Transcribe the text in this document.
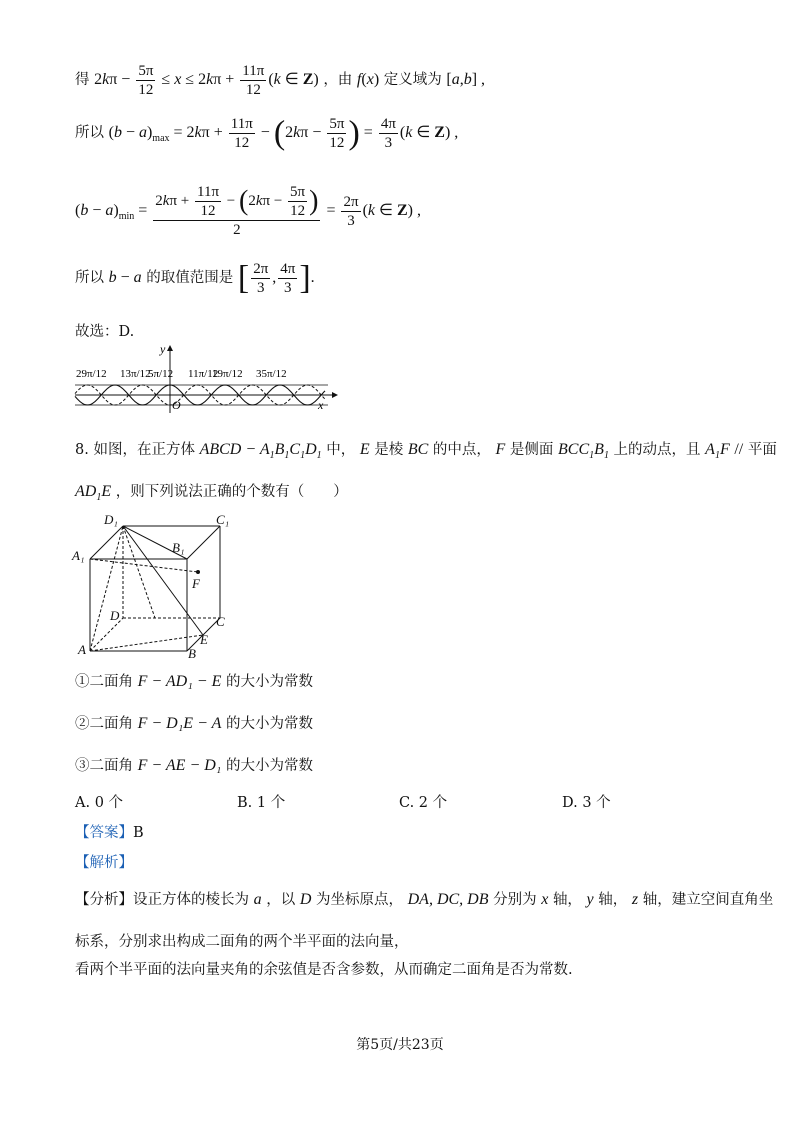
得 $2k\pi - \frac{5\pi}{12} \le x \le 2k\pi + \frac{11\pi}{12} (k$ ∈ Z) ，由 f(x) 定义域为 [a,b] ,
所以 $(b - a)_{max} = 2k\pi + \frac{11\pi}{12} - (2k\pi - \frac{5\pi}{12}$ ) = $\frac{4\pi}{3} (k$ ∈ Z) ,
$(b - a)_{min} = \frac{2k\pi + \frac{11\pi}{12} - (2k\pi - \frac{5\pi}{12} )}{2} = \frac{2\pi}{3} (k$ ∈ Z) ,
所以 b − a 的取值范围是 [ $\frac{2\pi}{3}$ , $\frac{4\pi}{3}$ ].
故选：D.
29π/12 13π/12
5π/12 11π/12
19π/12 35π/12
y
x
O
8. 如图，在正方体 ABCD − $A_1B_1C_1D_1$ 中， E 是棱 BC 的中点， F 是侧面 $BCC_1B_1$ 上的动点，且 $A_1F$ // 平面
$AD_1E$ ，则下列说法正确的个数有（　　）
D₁	C₁
A₁
B₁
F
D	C
A	B
E
①二面角 F − AD₁ − E 的大小为常数
②二面角 F − D₁E − A 的大小为常数
③二面角 F − AE − D₁ 的大小为常数
A. 0 个	B. 1 个	C. 2 个	D. 3 个
【答案】B
【解析】
【分析】设正方体的棱长为 a ，以 D 为坐标原点， DA, DC, DB 分别为 x 轴， y 轴， z 轴，建立空间直角坐
标系，分别求出构成二面角的两个半平面的法向量，
看两个半平面的法向量夹角的余弦值是否含参数，从而确定二面角是否为常数.
第5页/共23页
